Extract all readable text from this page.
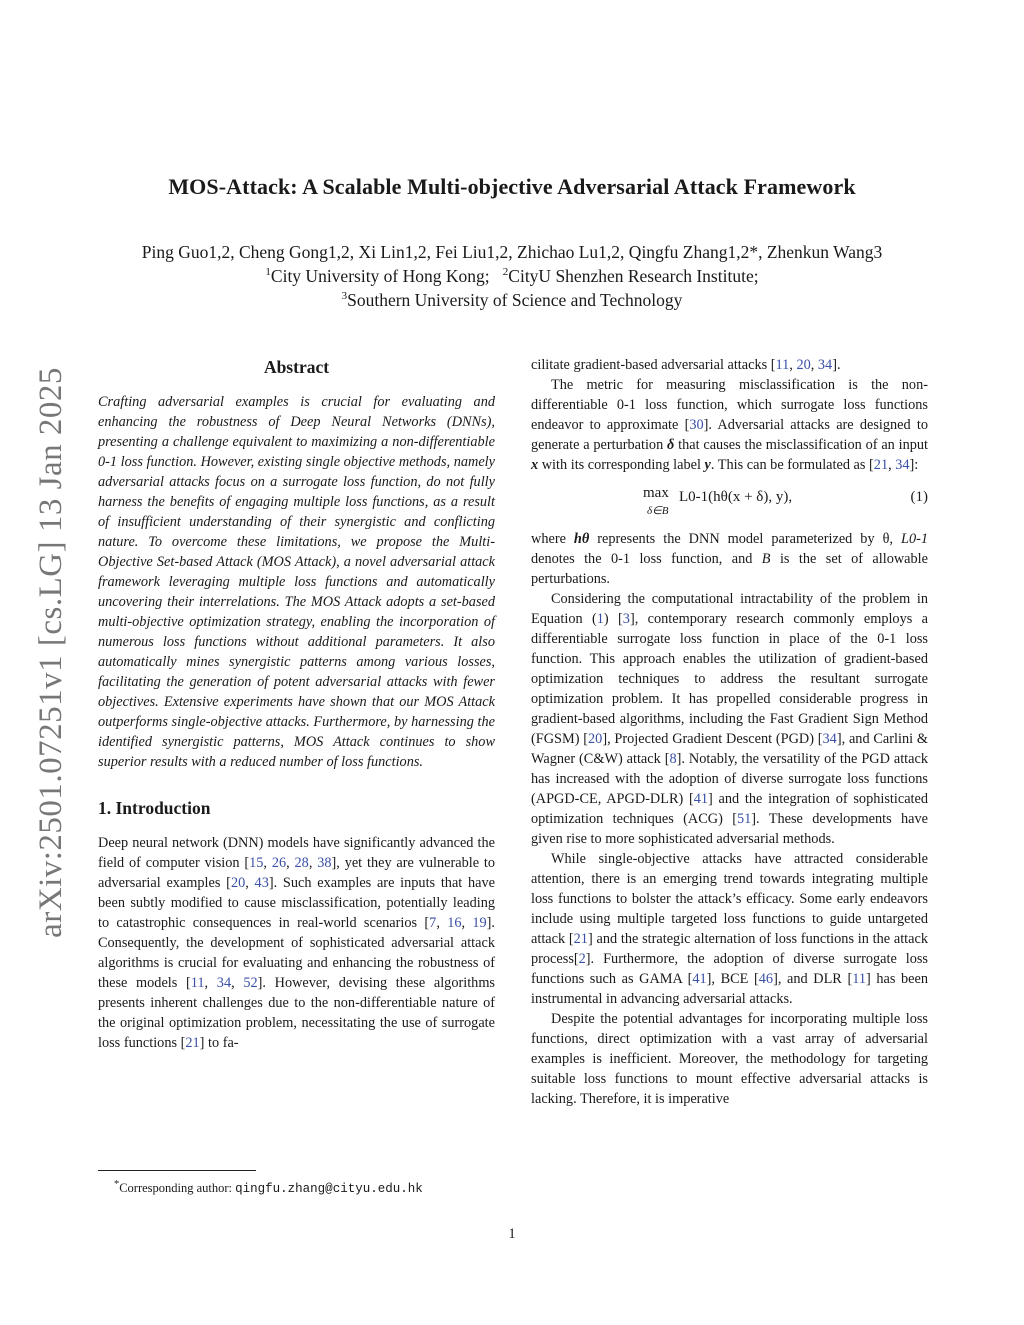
arXiv:2501.07251v1 [cs.LG] 13 Jan 2025
MOS-Attack: A Scalable Multi-objective Adversarial Attack Framework
Ping Guo1,2, Cheng Gong1,2, Xi Lin1,2, Fei Liu1,2, Zhichao Lu1,2, Qingfu Zhang1,2*, Zhenkun Wang3
$^1$City University of Hong Kong; $^2$CityU Shenzhen Research Institute;
$^3$Southern University of Science and Technology
Abstract

Crafting adversarial examples is crucial for evaluating and enhancing the robustness of Deep Neural Networks (DNNs), presenting a challenge equivalent to maximizing a non-differentiable 0-1 loss function. However, existing single objective methods, namely adversarial attacks focus on a surrogate loss function, do not fully harness the benefits of engaging multiple loss functions, as a result of insufficient understanding of their synergistic and conflicting nature. To overcome these limitations, we propose the Multi-Objective Set-based Attack (MOS Attack), a novel adversarial attack framework leveraging multiple loss functions and automatically uncovering their interrelations. The MOS Attack adopts a set-based multi-objective optimization strategy, enabling the incorporation of numerous loss functions without additional parameters. It also automatically mines synergistic patterns among various losses, facilitating the generation of potent adversarial attacks with fewer objectives. Extensive experiments have shown that our MOS Attack outperforms single-objective attacks. Furthermore, by harnessing the identified synergistic patterns, MOS Attack continues to show superior results with a reduced number of loss functions.

1. Introduction

Deep neural network (DNN) models have significantly advanced the field of computer vision [15, 26, 28, 38], yet they are vulnerable to adversarial examples [20, 43]. Such examples are inputs that have been subtly modified to cause misclassification, potentially leading to catastrophic consequences in real-world scenarios [7, 16, 19]. Consequently, the development of sophisticated adversarial attack algorithms is crucial for evaluating and enhancing the robustness of these models [11, 34, 52]. However, devising these algorithms presents inherent challenges due to the non-differentiable nature of the original optimization problem, necessitating the use of surrogate loss functions [21] to fa-

cilitate gradient-based adversarial attacks [11, 20, 34].

The metric for measuring misclassification is the non-differentiable 0-1 loss function, which surrogate loss functions endeavor to approximate [30]. Adversarial attacks are designed to generate a perturbation δ that causes the misclassification of an input x with its corresponding label y. This can be formulated as [21, 34]:

max
δ∈B
L0-1(hθ(x + δ), y),	(1)

where hθ represents the DNN model parameterized by θ, L0-1 denotes the 0-1 loss function, and B is the set of allowable perturbations.

Considering the computational intractability of the problem in Equation (1) [3], contemporary research commonly employs a differentiable surrogate loss function in place of the 0-1 loss function. This approach enables the utilization of gradient-based optimization techniques to address the resultant surrogate optimization problem. It has propelled considerable progress in gradient-based algorithms, including the Fast Gradient Sign Method (FGSM) [20], Projected Gradient Descent (PGD) [34], and Carlini & Wagner (C&W) attack [8]. Notably, the versatility of the PGD attack has increased with the adoption of diverse surrogate loss functions (APGD-CE, APGD-DLR) [41] and the integration of sophisticated optimization techniques (ACG) [51]. These developments have given rise to more sophisticated adversarial methods.

While single-objective attacks have attracted considerable attention, there is an emerging trend towards integrating multiple loss functions to bolster the attack’s efficacy. Some early endeavors include using multiple targeted loss functions to guide untargeted attack [21] and the strategic alternation of loss functions in the attack process[2]. Furthermore, the adoption of diverse surrogate loss functions such as GAMA [41], BCE [46], and DLR [11] has been instrumental in advancing adversarial attacks.

Despite the potential advantages for incorporating multiple loss functions, direct optimization with a vast array of adversarial examples is inefficient. Moreover, the methodology for targeting suitable loss functions to mount effective adversarial attacks is lacking. Therefore, it is imperative

*Corresponding author: qingfu.zhang@cityu.edu.hk
1
